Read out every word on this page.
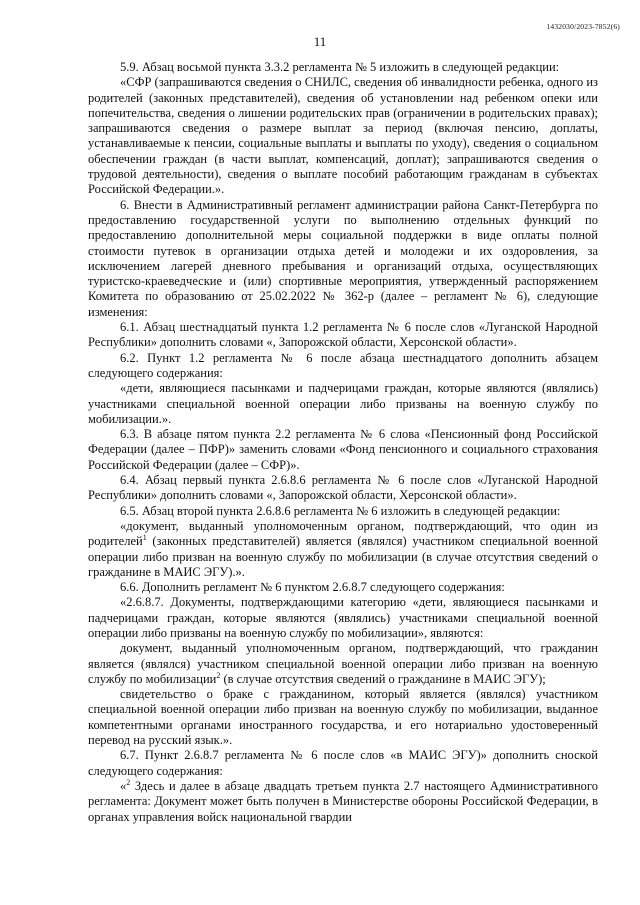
1432030/2023-7852(6)
11

5.9. Абзац восьмой пункта 3.3.2 регламента № 5 изложить в следующей редакции:

«СФР (запрашиваются сведения о СНИЛС, сведения об инвалидности ребенка, одного из родителей (законных представителей), сведения об установлении над ребенком опеки или попечительства, сведения о лишении родительских прав (ограничении в родительских правах); запрашиваются сведения о размере выплат за период (включая пенсию, доплаты, устанавливаемые к пенсии, социальные выплаты и выплаты по уходу), сведения о социальном обеспечении граждан (в части выплат, компенсаций, доплат); запрашиваются сведения о трудовой деятельности), сведения о выплате пособий работающим гражданам в субъектах Российской Федерации.».

6. Внести в Административный регламент администрации района Санкт-Петербурга по предоставлению государственной услуги по выполнению отдельных функций по предоставлению дополнительной меры социальной поддержки в виде оплаты полной стоимости путевок в организации отдыха детей и молодежи и их оздоровления, за исключением лагерей дневного пребывания и организаций отдыха, осуществляющих туристско-краеведческие и (или) спортивные мероприятия, утвержденный распоряжением Комитета по образованию от 25.02.2022 № 362-р (далее – регламент № 6), следующие изменения:

6.1. Абзац шестнадцатый пункта 1.2 регламента № 6 после слов «Луганской Народной Республики» дополнить словами «, Запорожской области, Херсонской области».

6.2. Пункт 1.2 регламента № 6 после абзаца шестнадцатого дополнить абзацем следующего содержания:

«дети, являющиеся пасынками и падчерицами граждан, которые являются (являлись) участниками специальной военной операции либо призваны на военную службу по мобилизации.».

6.3. В абзаце пятом пункта 2.2 регламента № 6 слова «Пенсионный фонд Российской Федерации (далее – ПФР)» заменить словами «Фонд пенсионного и социального страхования Российской Федерации (далее – СФР)».

6.4. Абзац первый пункта 2.6.8.6 регламента № 6 после слов «Луганской Народной Республики» дополнить словами «, Запорожской области, Херсонской области».

6.5. Абзац второй пункта 2.6.8.6 регламента № 6 изложить в следующей редакции:

«документ, выданный уполномоченным органом, подтверждающий, что один из родителей$^1$ (законных представителей) является (являлся) участником специальной военной операции либо призван на военную службу по мобилизации (в случае отсутствия сведений о гражданине в МАИС ЭГУ).».

6.6. Дополнить регламент № 6 пунктом 2.6.8.7 следующего содержания:

«2.6.8.7. Документы, подтверждающими категорию «дети, являющиеся пасынками и падчерицами граждан, которые являются (являлись) участниками специальной военной операции либо призваны на военную службу по мобилизации», являются:

документ, выданный уполномоченным органом, подтверждающий, что гражданин является (являлся) участником специальной военной операции либо призван на военную службу по мобилизации$^2$ (в случае отсутствия сведений о гражданине в МАИС ЭГУ);

свидетельство о браке с гражданином, который является (являлся) участником специальной военной операции либо призван на военную службу по мобилизации, выданное компетентными органами иностранного государства, и его нотариально удостоверенный перевод на русский язык.».

6.7. Пункт 2.6.8.7 регламента № 6 после слов «в МАИС ЭГУ)» дополнить сноской следующего содержания:

«$^2$ Здесь и далее в абзаце двадцать третьем пункта 2.7 настоящего Административного регламента: Документ может быть получен в Министерстве обороны Российской Федерации, в органах управления войск национальной гвардии
